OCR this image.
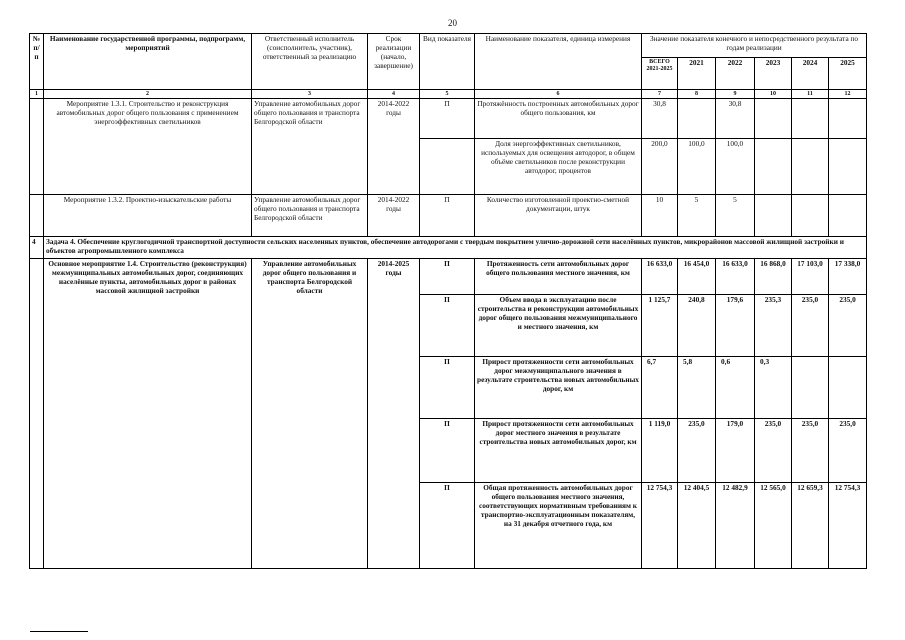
20
№ п/п	Наименование государственной программы, подпрограмм, мероприятий	Ответственный исполнитель (соисполнитель, участник), ответственный за реализацию	Срок реализации (начало, завершение)	Вид показателя	Наименование показателя, единица измерения	Значение показателя конечного и непосредственного результата по годам реализации					
						ВСЕГО 2021-2025	2021	2022	2023	2024	2025
1	2	3	4	5	6	7	8	9	10	11	12
	Мероприятие 1.3.1. Строительство и реконструкция автомобильных дорог общего пользования с применением энергоэффективных светильников	Управление автомобильных дорог общего пользования и транспорта Белгородской области	2014-2022 годы	П	Протяжённость построенных автомобильных дорог общего пользования, км	30,8		30,8			
					Доля энергоэффективных светильников, используемых для освещения автодорог, в общем объёме светильников после реконструкции автодорог, процентов	200,0	100,0	100,0			
	Мероприятие 1.3.2. Проектно-изыскательские работы	Управление автомобильных дорог общего пользования и транспорта Белгородской области	2014-2022 годы	П	Количество изготовленной проектно-сметной документации, штук	10	5	5			
4	Задача 4. Обеспечение круглогодичной транспортной доступности сельских населенных пунктов, обеспечение автодорогами с твердым покрытием улично-дорожной сети населённых пунктов, микрорайонов массовой жилищной застройки и объектов агропромышленного комплекса										
	Основное мероприятие 1.4. Строительство (реконструкция) межмуниципальных автомобильных дорог, соединяющих населённые пункты, автомобильных дорог в районах массовой жилищной застройки	Управление автомобильных дорог общего пользования и транспорта Белгородской области	2014-2025 годы	П	Протяженность сети автомобильных дорог общего пользования местного значения, км	16 633,0	16 454,0	16 633,0	16 868,0	17 103,0	17 338,0
				П	Объем ввода в эксплуатацию после строительства и реконструкции автомобильных дорог общего пользования межмуниципального и местного значения, км	1 125,7	240,8	179,6	235,3	235,0	235,0
				П	Прирост протяженности сети автомобильных дорог межмуниципального значения в результате строительства новых автомобильных дорог, км	6,7	5,8	0,6	0,3		
				П	Прирост протяженности сети автомобильных дорог местного значения в результате строительства новых автомобильных дорог, км	1 119,0	235,0	179,0	235,0	235,0	235,0
				П	Общая протяженность автомобильных дорог общего пользования местного значения, соответствующих нормативным требованиям к транспортно-эксплуатационным показателям, на 31 декабря отчетного года, км	12 754,3	12 404,5	12 482,9	12 565,0	12 659,3	12 754,3
